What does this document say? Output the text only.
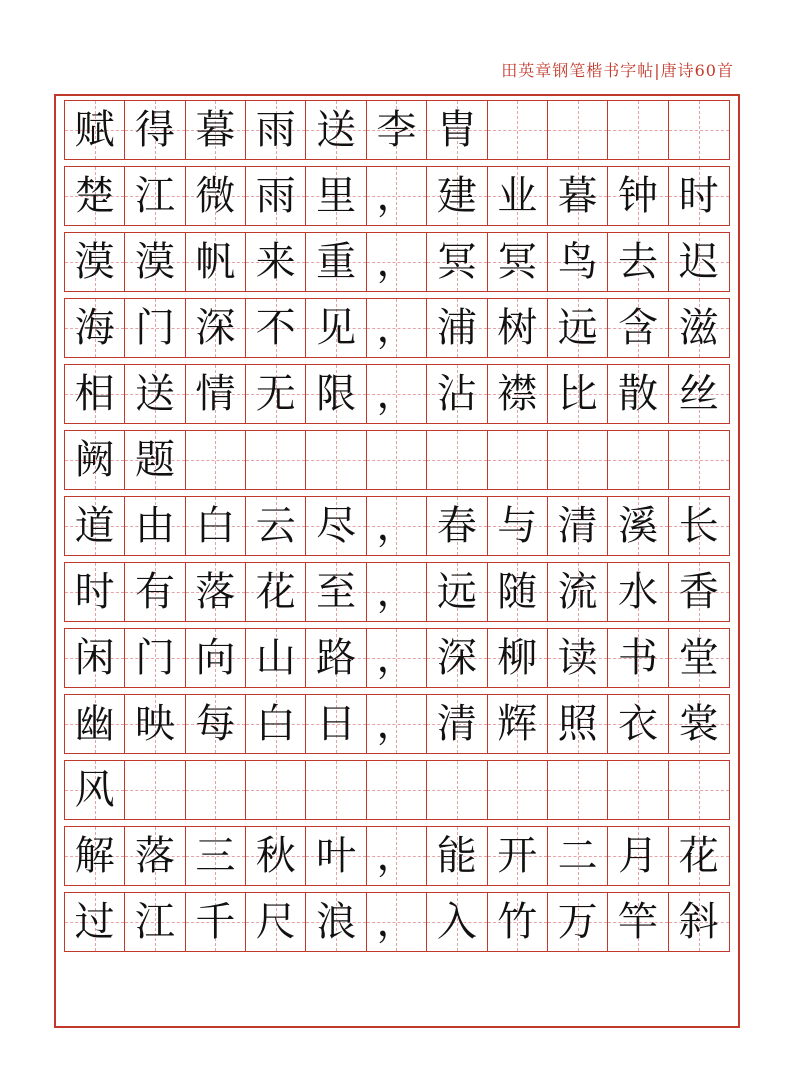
田英章钢笔楷书字帖|唐诗60首
赋 得 暮 雨 送 李 胄
楚 江 微 雨 里 ， 建 业 暮 钟 时
漠 漠 帆 来 重 ， 冥 冥 鸟 去 迟
海 门 深 不 见 ， 浦 树 远 含 滋
相 送 情 无 限 ， 沾 襟 比 散 丝
阙 题
道 由 白 云 尽 ， 春 与 清 溪 长
时 有 落 花 至 ， 远 随 流 水 香
闲 门 向 山 路 ， 深 柳 读 书 堂
幽 映 每 白 日 ， 清 辉 照 衣 裳
风
解 落 三 秋 叶 ， 能 开 二 月 花
过 江 千 尺 浪 ， 入 竹 万 竿 斜
